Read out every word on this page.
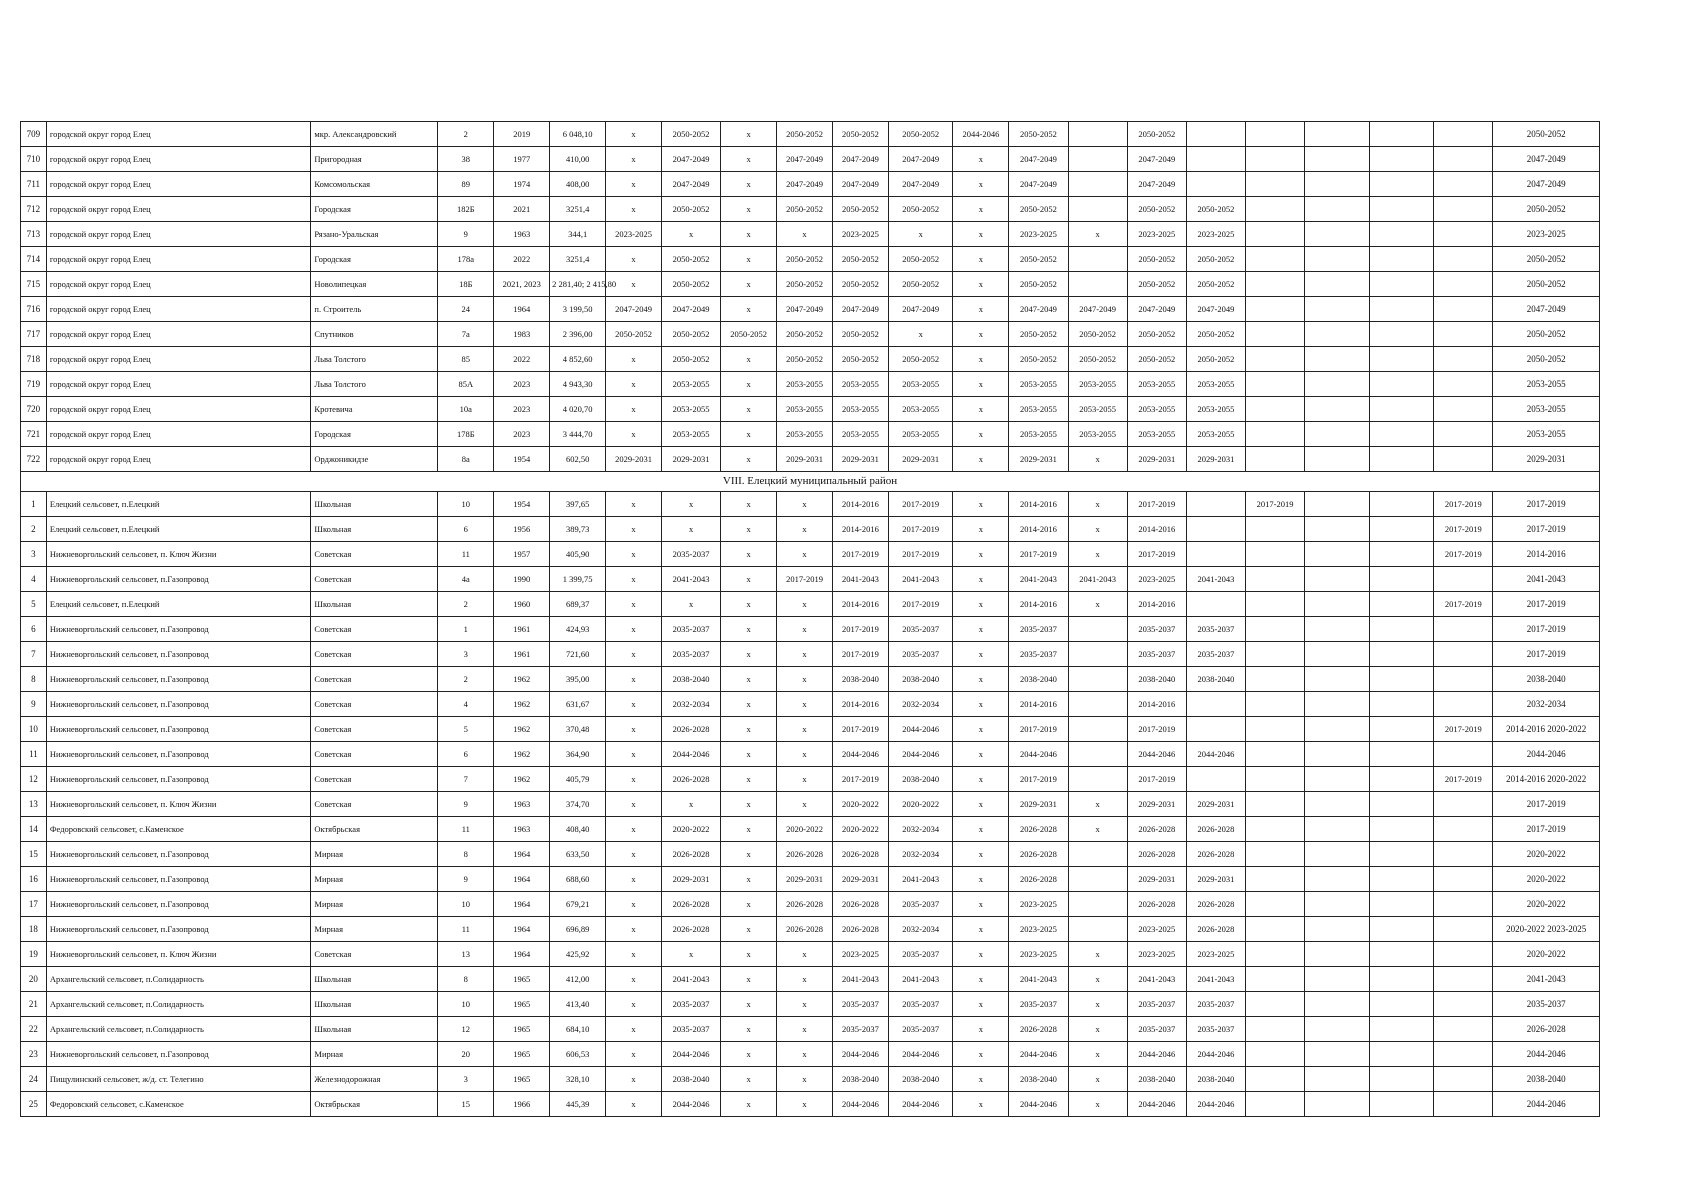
709	городской округ город Елец	мкр. Александровский	2	2019	6 048,10	х	2050-2052	х	2050-2052	2050-2052	2050-2052	2044-2046	2050-2052		2050-2052						2050-2052
710	городской округ город Елец	Пригородная	38	1977	410,00	х	2047-2049	х	2047-2049	2047-2049	2047-2049	х	2047-2049		2047-2049						2047-2049
711	городской округ город Елец	Комсомольская	89	1974	408,00	х	2047-2049	х	2047-2049	2047-2049	2047-2049	х	2047-2049		2047-2049						2047-2049
712	городской округ город Елец	Городская	182Б	2021	3251,4	х	2050-2052	х	2050-2052	2050-2052	2050-2052	х	2050-2052		2050-2052	2050-2052					2050-2052
713	городской округ город Елец	Рязано-Уральская	9	1963	344,1	2023-2025	х	х	х	2023-2025	х	х	2023-2025	х	2023-2025	2023-2025					2023-2025
714	городской округ город Елец	Городская	178а	2022	3251,4	х	2050-2052	х	2050-2052	2050-2052	2050-2052	х	2050-2052		2050-2052	2050-2052					2050-2052
715	городской округ город Елец	Новолипецкая	18Б	2021, 2023	2 281,40; 2 415,80	х	2050-2052	х	2050-2052	2050-2052	2050-2052	х	2050-2052		2050-2052	2050-2052					2050-2052
716	городской округ город Елец	п. Строитель	24	1964	3 199,50	2047-2049	2047-2049	х	2047-2049	2047-2049	2047-2049	х	2047-2049	2047-2049	2047-2049	2047-2049					2047-2049
717	городской округ город Елец	Спутников	7а	1983	2 396,00	2050-2052	2050-2052	2050-2052	2050-2052	2050-2052	х	х	2050-2052	2050-2052	2050-2052	2050-2052					2050-2052
718	городской округ город Елец	Льва Толстого	85	2022	4 852,60	х	2050-2052	х	2050-2052	2050-2052	2050-2052	х	2050-2052	2050-2052	2050-2052	2050-2052					2050-2052
719	городской округ город Елец	Льва Толстого	85А	2023	4 943,30	х	2053-2055	х	2053-2055	2053-2055	2053-2055	х	2053-2055	2053-2055	2053-2055	2053-2055					2053-2055
720	городской округ город Елец	Кротевича	10а	2023	4 020,70	х	2053-2055	х	2053-2055	2053-2055	2053-2055	х	2053-2055	2053-2055	2053-2055	2053-2055					2053-2055
721	городской округ город Елец	Городская	178Б	2023	3 444,70	х	2053-2055	х	2053-2055	2053-2055	2053-2055	х	2053-2055	2053-2055	2053-2055	2053-2055					2053-2055
722	городской округ город Елец	Орджоникидзе	8а	1954	602,50	2029-2031	2029-2031	х	2029-2031	2029-2031	2029-2031	х	2029-2031	х	2029-2031	2029-2031					2029-2031
VIII. Елецкий муниципальный район																					
1	Елецкий сельсовет, п.Елецкий	Школьная	10	1954	397,65	х	х	х	х	2014-2016	2017-2019	х	2014-2016	х	2017-2019		2017-2019			2017-2019	2017-2019
2	Елецкий сельсовет, п.Елецкий	Школьная	6	1956	389,73	х	х	х	х	2014-2016	2017-2019	х	2014-2016	х	2014-2016					2017-2019	2017-2019
3	Нижневоргольский сельсовет, п. Ключ Жизни	Советская	11	1957	405,90	х	2035-2037	х	х	2017-2019	2017-2019	х	2017-2019	х	2017-2019					2017-2019	2014-2016
4	Нижневоргольский сельсовет, п.Газопровод	Советская	4а	1990	1 399,75	х	2041-2043	х	2017-2019	2041-2043	2041-2043	х	2041-2043	2041-2043	2023-2025	2041-2043					2041-2043
5	Елецкий сельсовет, п.Елецкий	Школьная	2	1960	689,37	х	х	х	х	2014-2016	2017-2019	х	2014-2016	х	2014-2016					2017-2019	2017-2019
6	Нижневоргольский сельсовет, п.Газопровод	Советская	1	1961	424,93	х	2035-2037	х	х	2017-2019	2035-2037	х	2035-2037		2035-2037	2035-2037					2017-2019
7	Нижневоргольский сельсовет, п.Газопровод	Советская	3	1961	721,60	х	2035-2037	х	х	2017-2019	2035-2037	х	2035-2037		2035-2037	2035-2037					2017-2019
8	Нижневоргольский сельсовет, п.Газопровод	Советская	2	1962	395,00	х	2038-2040	х	х	2038-2040	2038-2040	х	2038-2040		2038-2040	2038-2040					2038-2040
9	Нижневоргольский сельсовет, п.Газопровод	Советская	4	1962	631,67	х	2032-2034	х	х	2014-2016	2032-2034	х	2014-2016		2014-2016						2032-2034
10	Нижневоргольский сельсовет, п.Газопровод	Советская	5	1962	370,48	х	2026-2028	х	х	2017-2019	2044-2046	х	2017-2019		2017-2019					2017-2019	2014-2016 2020-2022
11	Нижневоргольский сельсовет, п.Газопровод	Советская	6	1962	364,90	х	2044-2046	х	х	2044-2046	2044-2046	х	2044-2046		2044-2046	2044-2046					2044-2046
12	Нижневоргольский сельсовет, п.Газопровод	Советская	7	1962	405,79	х	2026-2028	х	х	2017-2019	2038-2040	х	2017-2019		2017-2019					2017-2019	2014-2016 2020-2022
13	Нижневоргольский сельсовет, п. Ключ Жизни	Советская	9	1963	374,70	х	х	х	х	2020-2022	2020-2022	х	2029-2031	х	2029-2031	2029-2031					2017-2019
14	Федоровский сельсовет, с.Каменское	Октябрьская	11	1963	408,40	х	2020-2022	х	2020-2022	2020-2022	2032-2034	х	2026-2028	х	2026-2028	2026-2028					2017-2019
15	Нижневоргольский сельсовет, п.Газопровод	Мирная	8	1964	633,50	х	2026-2028	х	2026-2028	2026-2028	2032-2034	х	2026-2028		2026-2028	2026-2028					2020-2022
16	Нижневоргольский сельсовет, п.Газопровод	Мирная	9	1964	688,60	х	2029-2031	х	2029-2031	2029-2031	2041-2043	х	2026-2028		2029-2031	2029-2031					2020-2022
17	Нижневоргольский сельсовет, п.Газопровод	Мирная	10	1964	679,21	х	2026-2028	х	2026-2028	2026-2028	2035-2037	х	2023-2025		2026-2028	2026-2028					2020-2022
18	Нижневоргольский сельсовет, п.Газопровод	Мирная	11	1964	696,89	х	2026-2028	х	2026-2028	2026-2028	2032-2034	х	2023-2025		2023-2025	2026-2028					2020-2022 2023-2025
19	Нижневоргольский сельсовет, п. Ключ Жизни	Советская	13	1964	425,92	х	х	х	х	2023-2025	2035-2037	х	2023-2025	х	2023-2025	2023-2025					2020-2022
20	Архангельский сельсовет, п.Солидарность	Школьная	8	1965	412,00	х	2041-2043	х	х	2041-2043	2041-2043	х	2041-2043	х	2041-2043	2041-2043					2041-2043
21	Архангельский сельсовет, п.Солидарность	Школьная	10	1965	413,40	х	2035-2037	х	х	2035-2037	2035-2037	х	2035-2037	х	2035-2037	2035-2037					2035-2037
22	Архангельский сельсовет, п.Солидарность	Школьная	12	1965	684,10	х	2035-2037	х	х	2035-2037	2035-2037	х	2026-2028	х	2035-2037	2035-2037					2026-2028
23	Нижневоргольский сельсовет, п.Газопровод	Мирная	20	1965	606,53	х	2044-2046	х	х	2044-2046	2044-2046	х	2044-2046	х	2044-2046	2044-2046					2044-2046
24	Пищулинский сельсовет, ж/д. ст. Телегино	Железнодорожная	3	1965	328,10	х	2038-2040	х	х	2038-2040	2038-2040	х	2038-2040	х	2038-2040	2038-2040					2038-2040
25	Федоровский сельсовет, с.Каменское	Октябрьская	15	1966	445,39	х	2044-2046	х	х	2044-2046	2044-2046	х	2044-2046	х	2044-2046	2044-2046					2044-2046
